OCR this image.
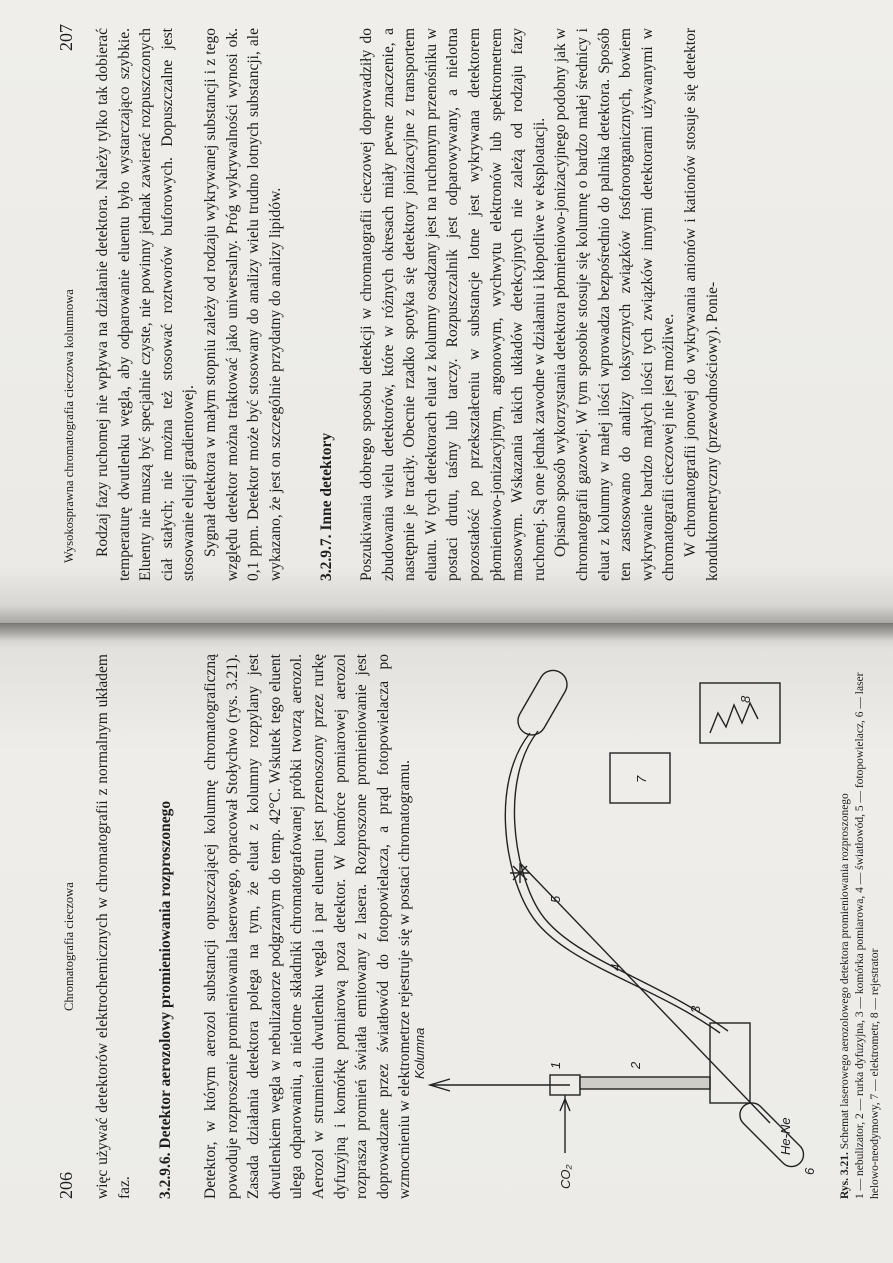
206
Chromatografia cieczowa więc używać detektorów elektrochemicznych w chromatografii z normalnym układem faz. 3.2.9.6. Detektor aerozolowy promieniowania rozproszonego Detektor, w którym aerozol substancji opuszczającej kolumnę chromatograficzną powoduje rozproszenie promieniowania laserowego, opracował Stołychwo (rys. 3.21). Zasada działania detektora polega na tym, że eluat z kolumny rozpylany jest dwutlenkiem węgla w nebulizatorze podgrzanym do temp. 42°C. Wskutek tego eluent ulega odparowaniu, a nielotne składniki chromatografowanej próbki tworzą aerozol. Aerozol w strumieniu dwutlenku węgla i par eluentu jest przenoszony przez rurkę dyfuzyjną i komórkę pomiarową poza detektor. W komórce pomiarowej aerozol rozprasza promień światła emitowany z lasera. Rozproszone promieniowanie jest doprowadzane przez światłowód do fotopowielacza, a prąd fotopowielacza po wzmocnieniu w elektrometrze rejestruje się w postaci chromatogramu.

Kolumna
CO₂
He-Ne
1	2
3
4
5
6
7
8
Rys. 3.21. Schemat laserowego aerozolowego detektora promieniowania rozproszonego 1 — nebulizator, 2 — rurka dyfuzyjna, 3 — komórka pomiarowa, 4 — światłowód, 5 — fotopowielacz, 6 — laser helowo-neodymowy, 7 — elektrometr, 8 — rejestrator
Wysokosprawna chromatografia cieczowa kolumnowa
207 Rodzaj fazy ruchomej nie wpływa na działanie detektora. Należy tylko tak dobierać temperaturę dwutlenku węgla, aby odparowanie eluentu było wystarczająco szybkie. Eluenty nie muszą być specjalnie czyste, nie powinny jednak zawierać rozpuszczonych ciał stałych; nie można też stosować roztworów buforowych. Dopuszczalne jest stosowanie elucji gradientowej. Sygnał detektora w małym stopniu zależy od rodzaju wykrywanej substancji i z tego względu detektor można traktować jako uniwersalny. Próg wykrywalności wynosi ok. 0,1 ppm. Detektor może być stosowany do analizy wielu trudno lotnych substancji, ale wykazano, że jest on szczególnie przydatny do analizy lipidów. 3.2.9.7. Inne detektory Poszukiwania dobrego sposobu detekcji w chromatografii cieczowej doprowadziły do zbudowania wielu detektorów, które w różnych okresach miały pewne znaczenie, a następnie je traciły. Obecnie rzadko spotyka się detektory jonizacyjne z transportem eluatu. W tych detektorach eluat z kolumny osadzany jest na ruchomym przenośniku w postaci drutu, taśmy lub tarczy. Rozpuszczalnik jest odparowywany, a nielotna pozostałość po przekształceniu w substancje lotne jest wykrywana detektorem płomieniowo-jonizacyjnym, argonowym, wychwytu elektronów lub spektrometrem masowym. Wskazania takich układów detekcyjnych nie zależą od rodzaju fazy ruchomej. Są one jednak zawodne w działaniu i kłopotliwe w eksploatacji. Opisano sposób wykorzystania detektora płomieniowo-jonizacyjnego podobny jak w chromatografii gazowej. W tym sposobie stosuje się kolumnę o bardzo małej średnicy i eluat z kolumny w małej ilości wprowadza bezpośrednio do palnika detektora. Sposób ten zastosowano do analizy toksycznych związków fosforoorganicznych, bowiem wykrywanie bardzo małych ilości tych związków innymi detektorami używanymi w chromatografii cieczowej nie jest możliwe. W chromatografii jonowej do wykrywania anionów i kationów stosuje się detektor konduktometryczny (przewodnościowy). Ponie-
